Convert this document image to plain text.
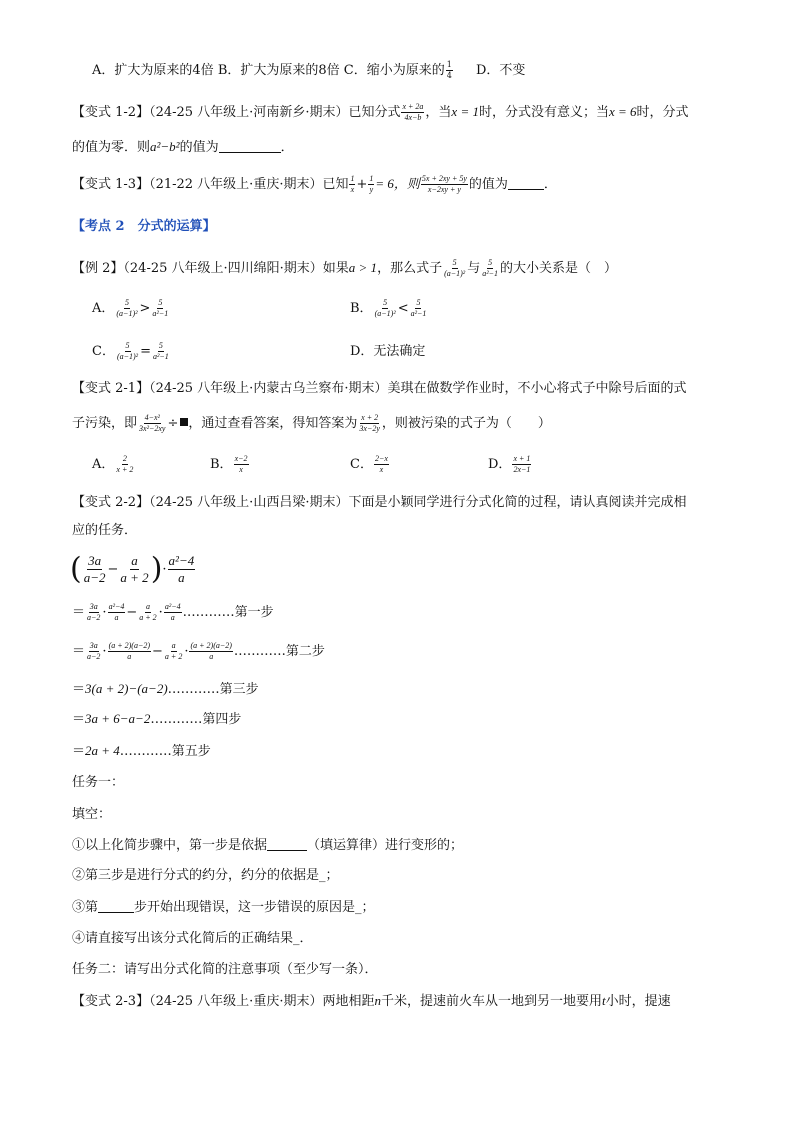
A．扩大为原来的4倍 B．扩大为原来的8倍 C．缩小为原来的 $\frac{1}{4}$ D．不变
【变式 1-2】（24-25 八年级上·河南新乡·期末）已知分式 $\frac{x + 2a}{4x-b}$ ，当x = 1时，分式没有意义；当x = 6时，分式
的值为零．则a²−b²的值为	．
【变式 1-3】（21-22 八年级上·重庆·期末）已知 $\frac{1}{x} + \frac{1}{y} = 6$，则 $\frac{5x + 2xy + 5y}{x-2xy + y}$ 的值为	．
【考点 2　分式的运算】
【例 2】（24-25 八年级上·四川绵阳·期末）如果a > 1，那么式子 $\frac{5}{\text{(a−1)²}}$ 与 $\frac{5}{\text{a²−1}}$ 的大小关系是（　）
A． $\frac{5}{\text{(a−1)²}} > \frac{5}{\text{a²−1}}$	B． $\frac{5}{\text{(a−1)²}} < \frac{5}{\text{a²−1}}$
C． $\frac{5}{\text{(a−1)²}} = \frac{5}{\text{a²−1}}$	D．无法确定
【变式 2-1】（24-25 八年级上·内蒙古乌兰察布·期末）美琪在做数学作业时，不小心将式子中除号后面的式
子污染，即 $\frac{\text{4−x²}}{\text{3x²−2xy}}$ ÷ ，通过查看答案，得知答案为 $\frac{x + 2}{3x-2y}$ ，则被污染的式子为（　　）
A． $\frac{2}{x + 2}$	B． $\frac{x-2}{x}$	C． $\frac{2-x}{x}$	D． $\frac{x + 1}{2x-1}$
【变式 2-2】（24-25 八年级上·山西吕梁·期末）下面是小颖同学进行分式化简的过程，请认真阅读并完成相
应的任务．
( $\frac{3a}{a-2} - \frac{a}{a + 2}$ )· $\frac{\text{a²−4}}{a}$
＝ $\frac{3a}{a-2} \cdot \frac{\text{a²−4}}{a} - \frac{a}{a + 2} \cdot \frac{\text{a²−4}}{a}$ …………第一步
＝ $\frac{3a}{a-2} \cdot \frac{(a + 2)(a-2)}{a} - \frac{a}{a + 2} \cdot \frac{(a + 2)(a-2)}{a}$ …………第二步
＝3(a + 2)−(a−2)…………第三步
＝3a + 6−a−2…………第四步
＝2a + 4…………第五步
任务一：
填空：
①以上化简步骤中，第一步是依据	（填运算律）进行变形的；
②第三步是进行分式的约分，约分的依据是_；
③第	步开始出现错误，这一步错误的原因是_；
④请直接写出该分式化简后的正确结果_．
任务二：请写出分式化简的注意事项（至少写一条）．
【变式 2-3】（24-25 八年级上·重庆·期末）两地相距n千米，提速前火车从一地到另一地要用t小时，提速
